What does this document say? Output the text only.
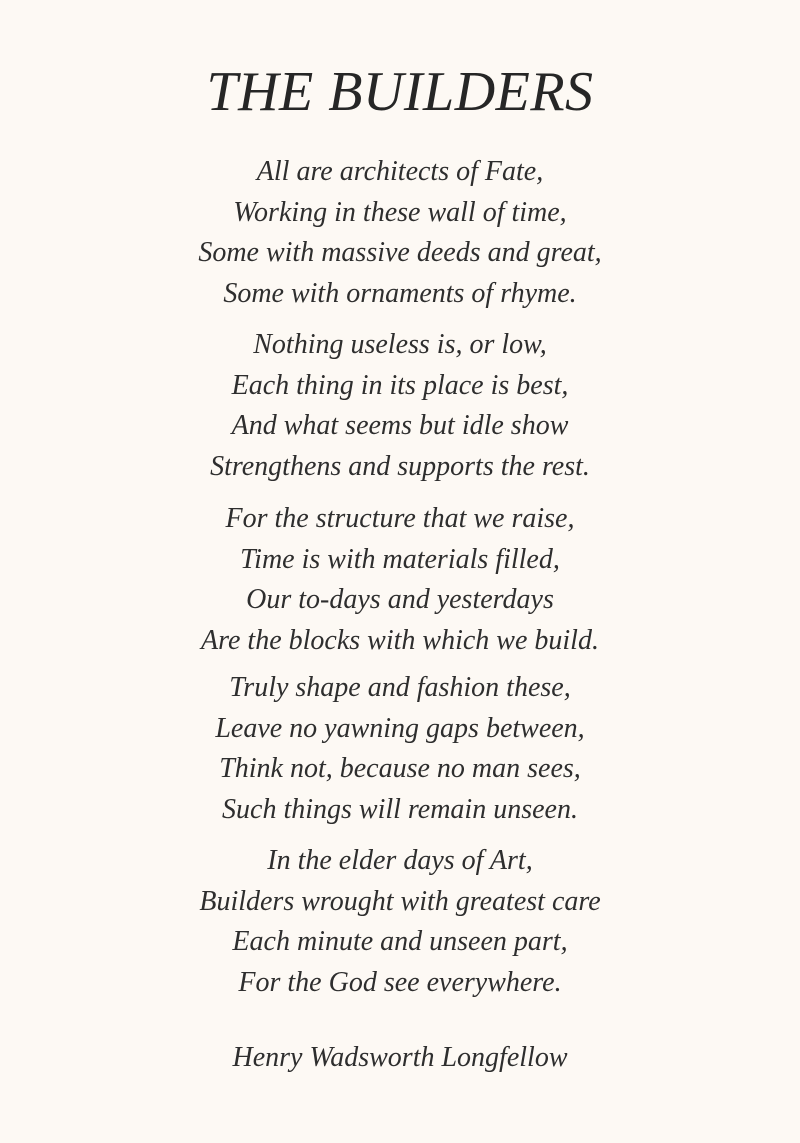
THE BUILDERS
All are architects of Fate,
Working in these wall of time,
Some with massive deeds and great,
Some with ornaments of rhyme.
Nothing useless is, or low,
Each thing in its place is best,
And what seems but idle show
Strengthens and supports the rest.
For the structure that we raise,
Time is with materials filled,
Our to-days and yesterdays
Are the blocks with which we build.
Truly shape and fashion these,
Leave no yawning gaps between,
Think not, because no man sees,
Such things will remain unseen.
In the elder days of Art,
Builders wrought with greatest care
Each minute and unseen part,
For the God see everywhere.
Henry Wadsworth Longfellow
